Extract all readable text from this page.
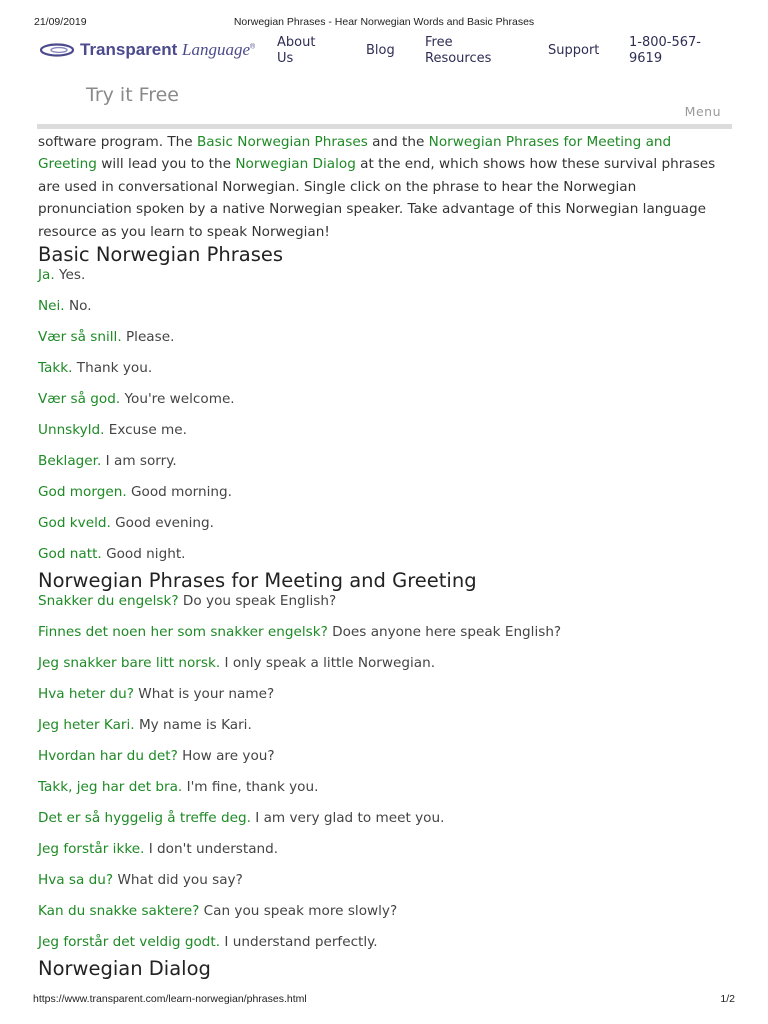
21/09/2019	Norwegian Phrases - Hear Norwegian Words and Basic Phrases
Transparent Language® About
Us
Blog
Free
Resources
Support
1-800-567-
9619
Try it Free
Menu

software program. The Basic Norwegian Phrases and the Norwegian Phrases for Meeting and Greeting will lead you to the Norwegian Dialog at the end, which shows how these survival phrases are used in conversational Norwegian. Single click on the phrase to hear the Norwegian pronunciation spoken by a native Norwegian speaker. Take advantage of this Norwegian language resource as you learn to speak Norwegian!

Basic Norwegian Phrases

Ja. Yes.

Nei. No.

Vær så snill. Please.

Takk. Thank you.

Vær så god. You're welcome.

Unnskyld. Excuse me.

Beklager. I am sorry.

God morgen. Good morning.

God kveld. Good evening.

God natt. Good night.

Norwegian Phrases for Meeting and Greeting

Snakker du engelsk? Do you speak English?

Finnes det noen her som snakker engelsk? Does anyone here speak English?

Jeg snakker bare litt norsk. I only speak a little Norwegian.

Hva heter du? What is your name?

Jeg heter Kari. My name is Kari.

Hvordan har du det? How are you?

Takk, jeg har det bra. I'm fine, thank you.

Det er så hyggelig å treffe deg. I am very glad to meet you.

Jeg forstår ikke. I don't understand.

Hva sa du? What did you say?

Kan du snakke saktere? Can you speak more slowly?

Jeg forstår det veldig godt. I understand perfectly.

Norwegian Dialog
https://www.transparent.com/learn-norwegian/phrases.html	1/2
